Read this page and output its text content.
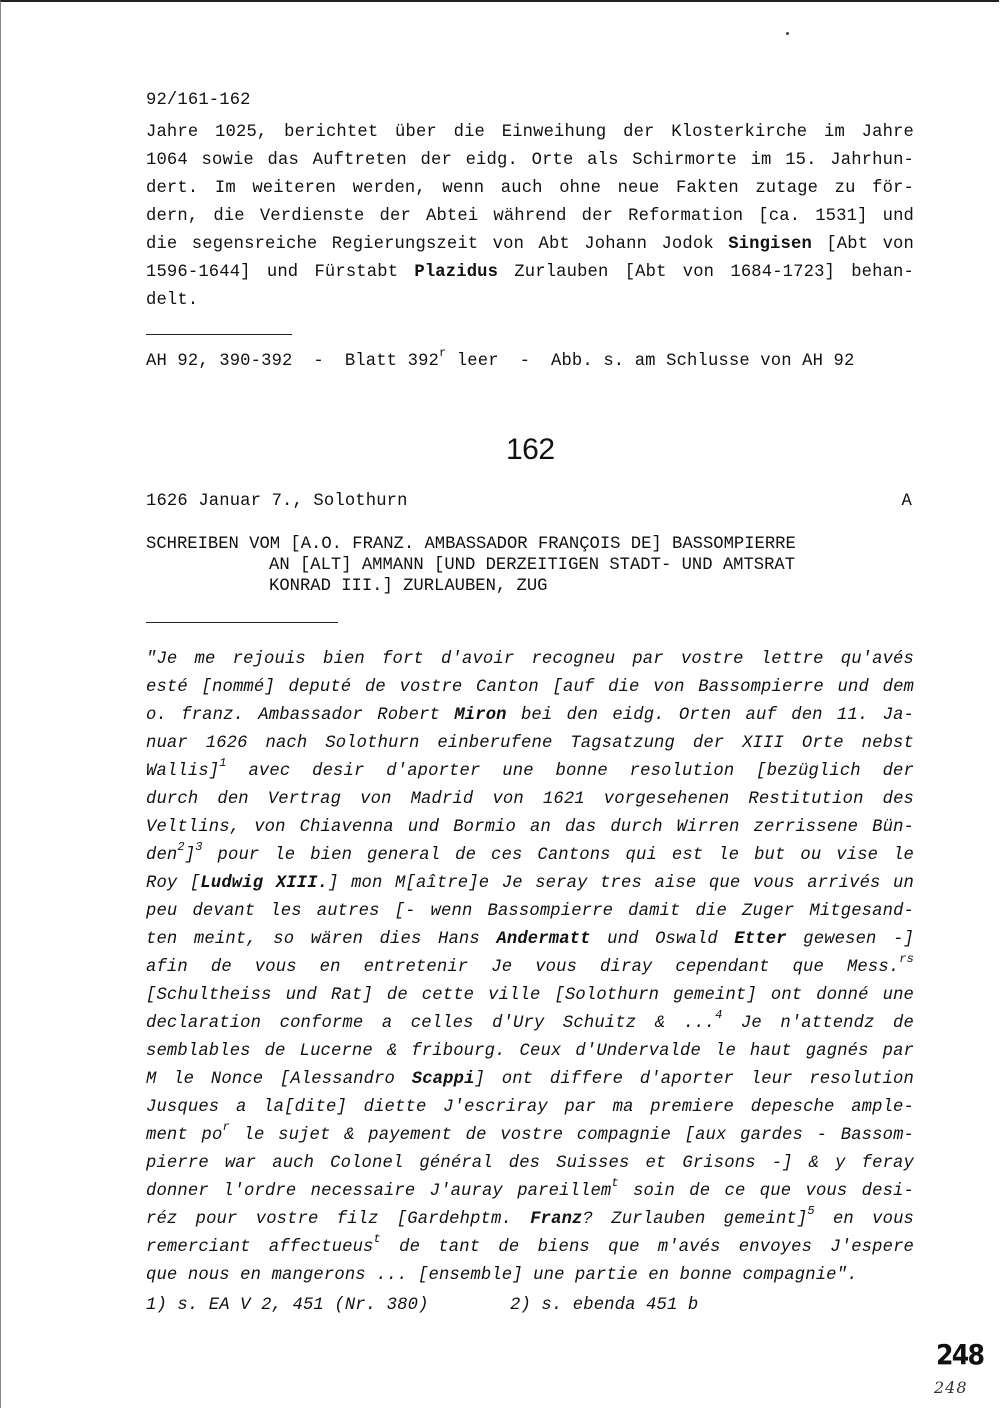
92/161-162
Jahre 1025, berichtet über die Einweihung der Klosterkirche im Jahre
1064 sowie das Auftreten der eidg. Orte als Schirmorte im 15. Jahrhun-
dert. Im weiteren werden, wenn auch ohne neue Fakten zutage zu för-
dern, die Verdienste der Abtei während der Reformation [ca. 1531] und
die segensreiche Regierungszeit von Abt Johann Jodok Singisen [Abt von
1596-1644] und Fürstabt Plazidus Zurlauben [Abt von 1684-1723] behan-
delt.
AH 92, 390-392  -  Blatt 392$^r$ leer  -  Abb. s. am Schlusse von AH 92
162
1626 Januar 7., Solothurn	A
SCHREIBEN VOM [A.O. FRANZ. AMBASSADOR FRANÇOIS DE] BASSOMPIERRE
AN [ALT] AMMANN [UND DERZEITIGEN STADT- UND AMTSRAT
KONRAD III.] ZURLAUBEN, ZUG
"Je me rejouis bien fort d'avoir recogneu par vostre lettre qu'avés
esté [nommé] deputé de vostre Canton [auf die von Bassompierre und dem
o. franz. Ambassador Robert Miron bei den eidg. Orten auf den 11. Ja-
nuar 1626 nach Solothurn einberufene Tagsatzung der XIII Orte nebst
Wallis]$^1$ avec desir d'aporter une bonne resolution [bezüglich der
durch den Vertrag von Madrid von 1621 vorgesehenen Restitution des
Veltlins, von Chiavenna und Bormio an das durch Wirren zerrissene Bün-
den$^2$]$^3$ pour le bien general de ces Cantons qui est le but ou vise le
Roy [Ludwig XIII.] mon M[aître]e Je seray tres aise que vous arrivés un
peu devant les autres [- wenn Bassompierre damit die Zuger Mitgesand-
ten meint, so wären dies Hans Andermatt und Oswald Etter gewesen -]
afin de vous en entretenir Je vous diray cependant que Mess.$^{rs}$
[Schultheiss und Rat] de cette ville [Solothurn gemeint] ont donné une
declaration conforme a celles d'Ury Schuitz & ...$^4$ Je n'attendz de
semblables de Lucerne & fribourg. Ceux d'Undervalde le haut gagnés par
M le Nonce [Alessandro Scappi] ont differe d'aporter leur resolution
Jusques a la[dite] diette J'escriray par ma premiere depesche ample-
ment $po^r$ le sujet & payement de vostre compagnie [aux gardes - Bassom-
pierre war auch Colonel général des Suisses et Grisons -] & y feray
donner l'ordre necessaire J'auray pareillem$^t$ soin de ce que vous desi-
réz pour vostre filz [Gardehptm. Franz? Zurlauben gemeint]$^5$ en vous
remerciant affectueus$^t$ de tant de biens que m'avés envoyes J'espere
que nous en mangerons ... [ensemble] une partie en bonne compagnie".
1) s. EA V 2, 451 (Nr. 380)	2) s. ebenda 451 b
248
248
